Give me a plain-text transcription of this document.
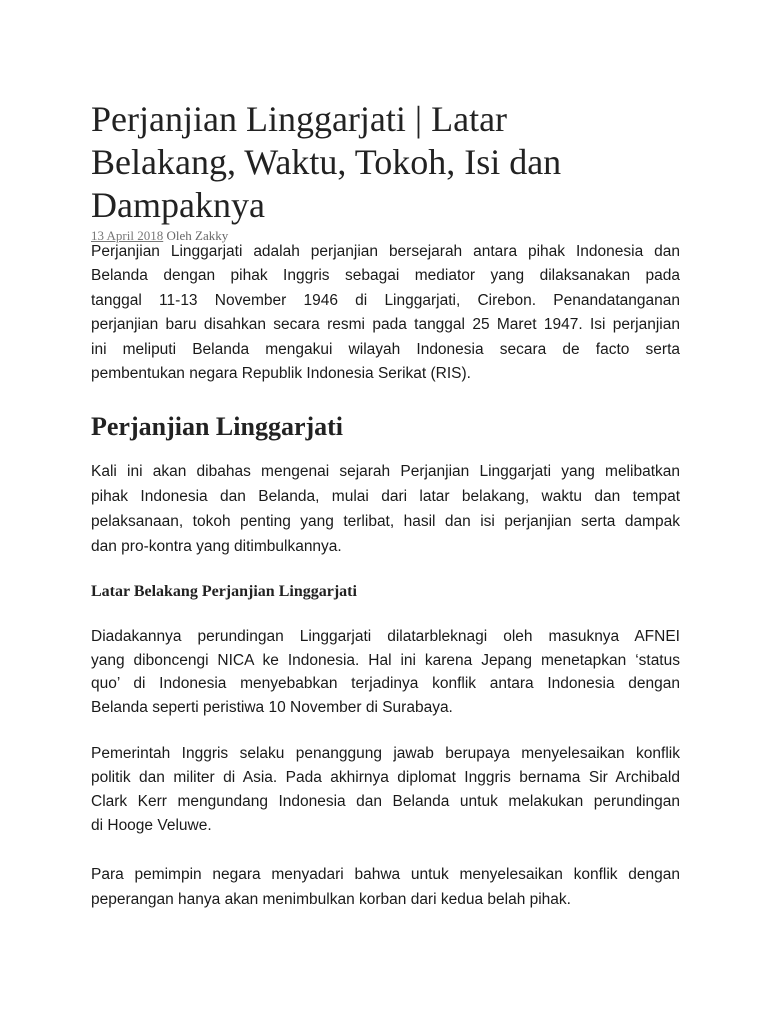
Perjanjian Linggarjati | Latar
Belakang, Waktu, Tokoh, Isi dan
Dampaknya
13 April 2018 Oleh Zakky
Perjanjian Linggarjati adalah perjanjian bersejarah antara pihak Indonesia dan
Belanda dengan pihak Inggris sebagai mediator yang dilaksanakan pada
tanggal 11-13 November 1946 di Linggarjati, Cirebon. Penandatanganan
perjanjian baru disahkan secara resmi pada tanggal 25 Maret 1947. Isi perjanjian
ini meliputi Belanda mengakui wilayah Indonesia secara de facto serta
pembentukan negara Republik Indonesia Serikat (RIS).
Perjanjian Linggarjati
Kali ini akan dibahas mengenai sejarah Perjanjian Linggarjati yang melibatkan
pihak Indonesia dan Belanda, mulai dari latar belakang, waktu dan tempat
pelaksanaan, tokoh penting yang terlibat, hasil dan isi perjanjian serta dampak
dan pro-kontra yang ditimbulkannya.
Latar Belakang Perjanjian Linggarjati
Diadakannya perundingan Linggarjati dilatarbleknagi oleh masuknya AFNEI
yang diboncengi NICA ke Indonesia. Hal ini karena Jepang menetapkan ‘status
quo’ di Indonesia menyebabkan terjadinya konflik antara Indonesia dengan
Belanda seperti peristiwa 10 November di Surabaya.
Pemerintah Inggris selaku penanggung jawab berupaya menyelesaikan konflik
politik dan militer di Asia. Pada akhirnya diplomat Inggris bernama Sir Archibald
Clark Kerr mengundang Indonesia dan Belanda untuk melakukan perundingan
di Hooge Veluwe.
Para pemimpin negara menyadari bahwa untuk menyelesaikan konflik dengan
peperangan hanya akan menimbulkan korban dari kedua belah pihak.
